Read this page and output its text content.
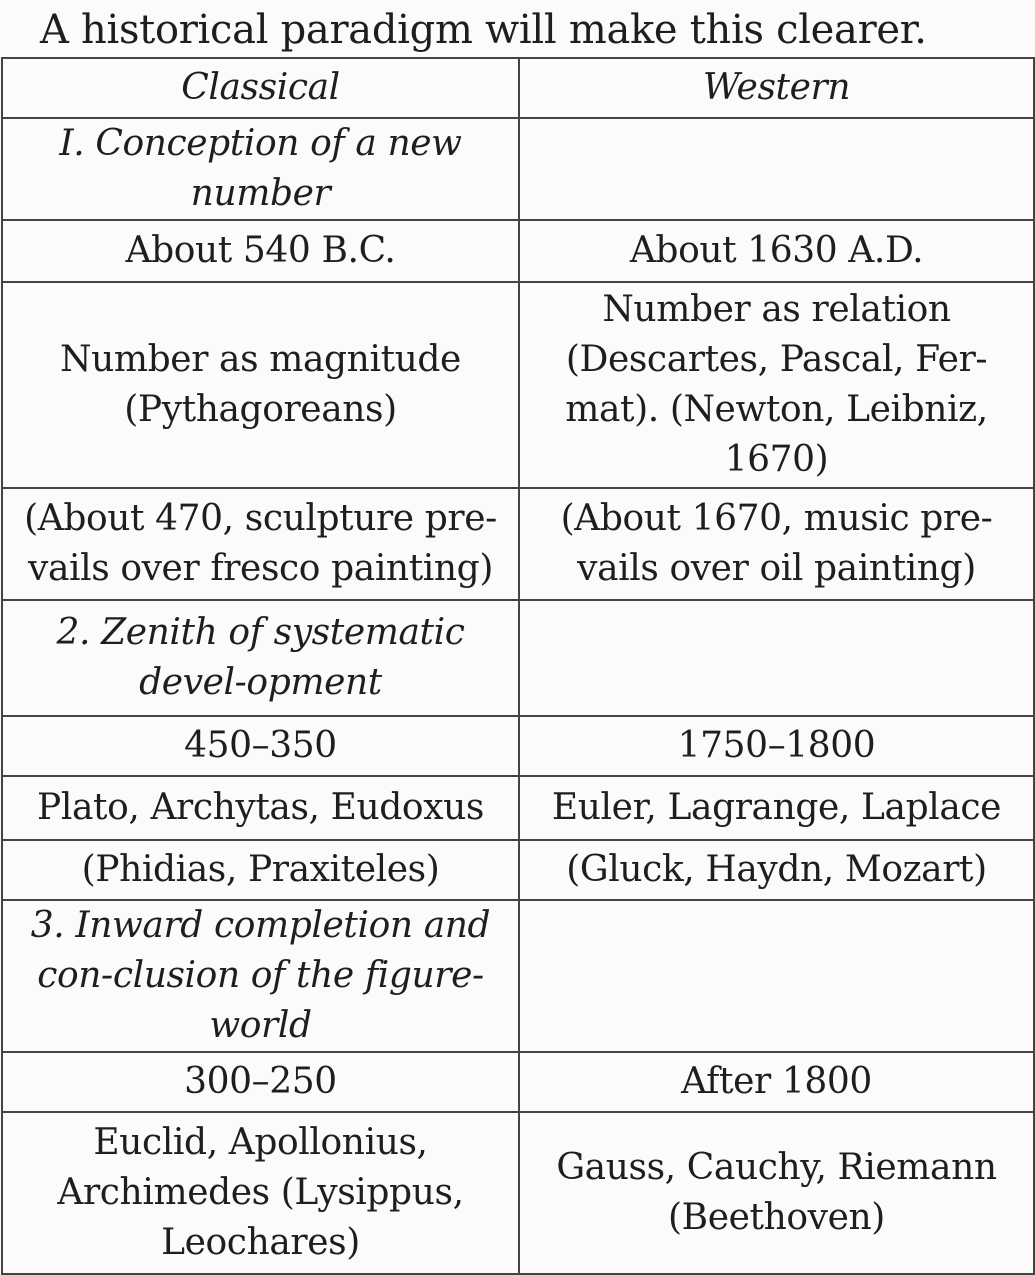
A historical paradigm will make this clearer.
Classical	Western
I. Conception of a new number	
About 540 B.C.	About 1630 A.D.
Number as magnitude (Pythagoreans)	Number as relation (Descartes, Pascal, Fer-mat). (Newton, Leibniz, 1670)
(About 470, sculpture pre-vails over fresco painting)	(About 1670, music pre-vails over oil painting)
2. Zenith of systematic devel-opment	
450–350	1750–1800
Plato, Archytas, Eudoxus	Euler, Lagrange, Laplace
(Phidias, Praxiteles)	(Gluck, Haydn, Mozart)
3. Inward completion and con-clusion of the figure-world	
300–250	After 1800
Euclid, Apollonius, Archimedes (Lysippus, Leochares)	Gauss, Cauchy, Riemann (Beethoven)
